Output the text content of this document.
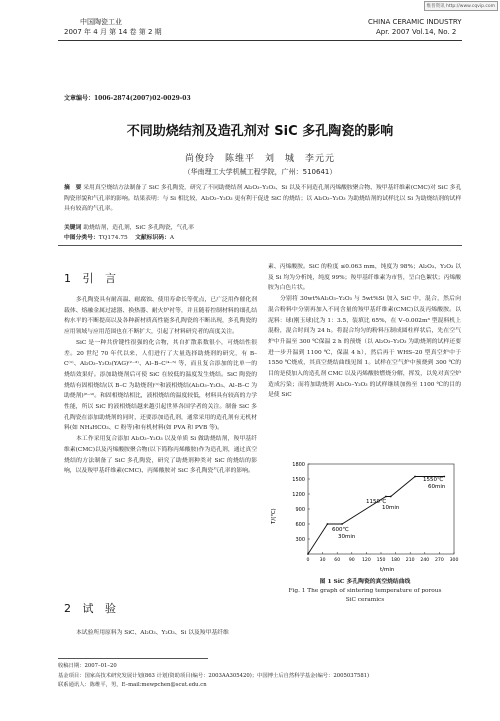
维普资讯 http://www.cqvip.com
中国陶瓷工业
2007 年 4 月 第 14 卷 第 2 期
CHINA CERAMIC INDUSTRY
Apr. 2007 Vol.14, No. 2
文章编号：1006-2874(2007)02-0029-03
不同助烧结剂及造孔剂对 SiC 多孔陶瓷的影响
尚俊玲　陈维平　刘　城　李元元
（华南理工大学机械工程学院，广州：510641）
摘　要 采用真空烧结方法制备了 SiC 多孔陶瓷，研究了不同助烧结剂 Al₂O₃–Y₂O₃、Si 以及不同造孔剂丙烯酸胺聚合物、羧甲基纤维素(CMC)对 SiC 多孔陶瓷形貌和气孔率的影响。结果表明：与 Si 相比较，Al₂O₃–Y₂O₃ 更有利于促进 SiC 的烧结；以 Al₂O₃–Y₂O₃ 为助烧结剂的试样比以 Si 为助烧结剂的试样具有较高的气孔率。
关键词 助烧结剂，造孔剂，SiC 多孔陶瓷，气孔率
中图分类号：TQ174.75 文献标识码：A
1 引 言

多孔陶瓷具有耐高温、耐腐蚀、使用寿命长等优点，已广泛用作催化剂载体、熔融金属过滤器、换热器、耐火炉衬等，并且随着控制材料的细孔结构水平的不断提高以及各种新材质高性能多孔陶瓷的不断出现，多孔陶瓷的应用领域与应用范围也在不断扩大，引起了材料研究者的高度关注。

SiC 是一种共价键性很强的化合物，其自扩散系数很小，可烧结性很差。20 世纪 70 年代以来，人们进行了大量选择助烧剂的研究，有 B–C⁽¹⁾、Al₂O₃–Y₂O₃(YAG)⁽²⁻³⁾、Al–B–C⁽⁴⁻⁵⁾ 等，而且复合添加的比单一的烧结效果好。添加助烧剂后可使 SiC 在较低的温度发生烧结。SiC 陶瓷的烧结有固相烧结(以 B–C 为助烧剂)⁽¹⁾和液相烧结(Al₂O₃–Y₂O₃、Al–B–C 为助烧剂)⁽⁶⁻⁹⁾。和固相烧结相比，液相烧结的温度较低，材料具有较高的力学性能，所以 SiC 的液相烧结越来越引起世界各国学者的关注。制备 SiC 多孔陶瓷在添加助烧剂的同时，还要添加造孔剂，通常采用的造孔剂有无机材料(如 NH₄HCO₃、C 粉等)和有机材料(如 PVA 和 PVB 等)。

本工作采用复合添加 Al₂O₃–Y₂O₃ 以及单质 Si 做助烧结剂，羧甲基纤维素(CMC)以及丙烯酸胺聚合物(以下简称丙烯酸胺)作为造孔剂，通过真空烧结的方法制备了 SiC 多孔陶瓷，研究了助烧剂种类对 SiC 的烧结的影响，以及羧甲基纤维素(CMC)、丙烯酸胺对 SiC 多孔陶瓷气孔率的影响。

2 试 验

本试验所用原料为 SiC、Al₂O₃、Y₂O₃、Si 以及羧甲基纤维

素、丙烯酸胺。SiC 的粒度 ≤0.063 mm，纯度为 98%；Al₂O₃、Y₂O₃ 以及 Si 均为分析纯，纯度 99%；羧甲基纤维素为市售，呈白色絮状；丙烯酸胺为白色片状。

分别将 30wt%Al₂O₃–Y₂O₃ 与 5wt%Si 加入 SiC 中，混合，然后向混合粉料中分别再加入不同含量的羧甲基纤维素(CMC)以及丙烯酸胺。以泥料：球(刚玉球)比为 1：3.5，装填比 65%，在 V–0.002m³ 型混料机上混粉，混合时间为 24 h。将混合均匀的粉料压制成圆柱样状后，先在空气炉中升温至 300 ℃保温 2 h 的预烧（以 Al₂O₃–Y₂O₃ 为助烧剂的试样还要进一步升温到 1100 ℃，保温 4 h），然后再于 WHS–20 型真空炉中于 1550 ℃烧成，其真空烧结曲线见图 1。试样在空气炉中预烧到 300 ℃的目的是使加入的造孔剂 CMC 以及丙烯酸胺燃烧分解，挥发，以免对真空炉造成污染；而将加助烧剂 Al₂O₃–Y₂O₃ 的试样继续加热至 1100 ℃的目的是使 SiC

T/(℃)
300
600
900
1200
1500
1800
0 30 60 90 120 150 180 210 240 270 300
1550℃
60min
1150℃
10min
600℃
30min
t/min
图 1 SiC 多孔陶瓷的真空烧结曲线
Fig. 1 The graph of sintering temperature of porous
SiC ceramics
收稿日期：2007–01–20
基金项目：国家高技术研究发展计划(863 计划)资助项目(编号：2003AA305420)；中国博士后自然科学基金(编号：2005037581)
联系通讯人：陈维平，男，E–mail:mewpchen@scut.edu.cn
